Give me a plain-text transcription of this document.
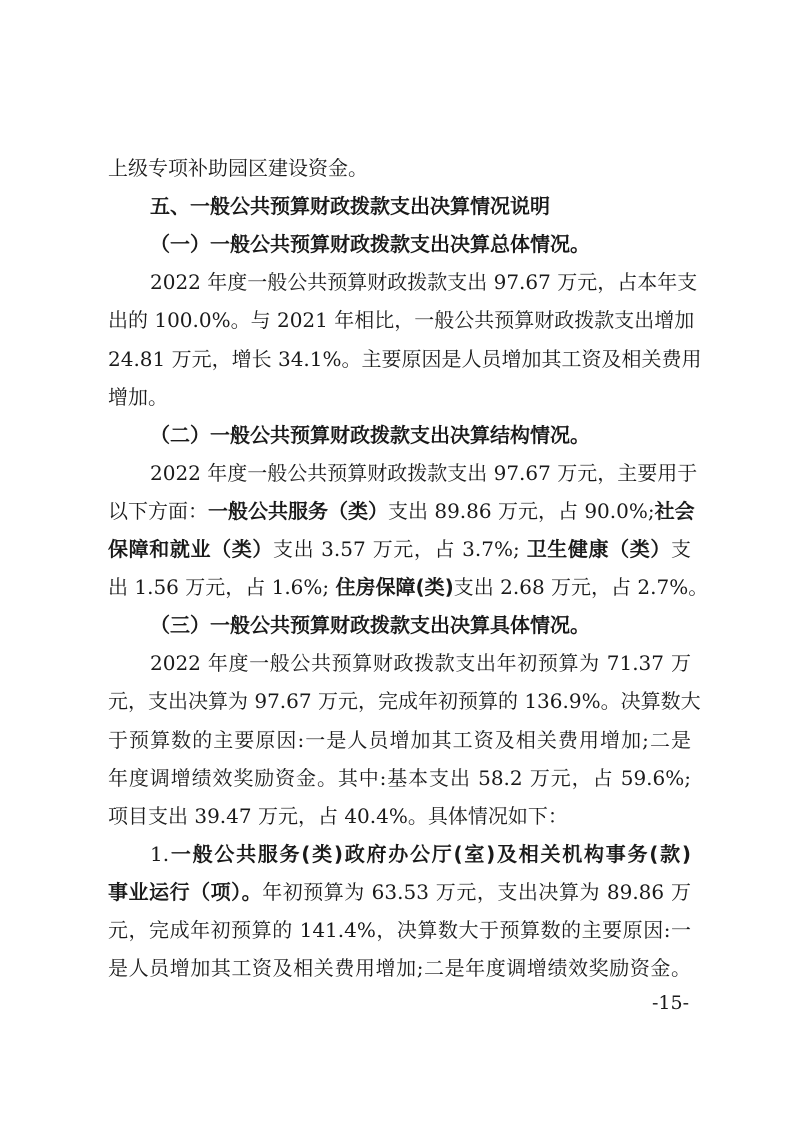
上级专项补助园区建设资金。
五、一般公共预算财政拨款支出决算情况说明
（一）一般公共预算财政拨款支出决算总体情况。
2022 年度一般公共预算财政拨款支出 97.67 万元，占本年支
出的 100.0%。与 2021 年相比，一般公共预算财政拨款支出增加
24.81 万元，增长 34.1%。主要原因是人员增加其工资及相关费用
增加。
（二）一般公共预算财政拨款支出决算结构情况。
2022 年度一般公共预算财政拨款支出 97.67 万元，主要用于
以下方面：一般公共服务（类）支出 89.86 万元，占 90.0%;社会
保障和就业（类）支出 3.57 万元，占 3.7%; 卫生健康（类）支
出 1.56 万元，占 1.6%; 住房保障(类)支出 2.68 万元，占 2.7%。
（三）一般公共预算财政拨款支出决算具体情况。
2022 年度一般公共预算财政拨款支出年初预算为 71.37 万
元，支出决算为 97.67 万元，完成年初预算的 136.9%。决算数大
于预算数的主要原因:一是人员增加其工资及相关费用增加;二是
年度调增绩效奖励资金。其中:基本支出 58.2 万元，占 59.6%;
项目支出 39.47 万元，占 40.4%。具体情况如下：
1.一般公共服务(类)政府办公厅(室)及相关机构事务(款)
事业运行（项）。年初预算为 63.53 万元，支出决算为 89.86 万
元，完成年初预算的 141.4%，决算数大于预算数的主要原因:一
是人员增加其工资及相关费用增加;二是年度调增绩效奖励资金。
-15-
